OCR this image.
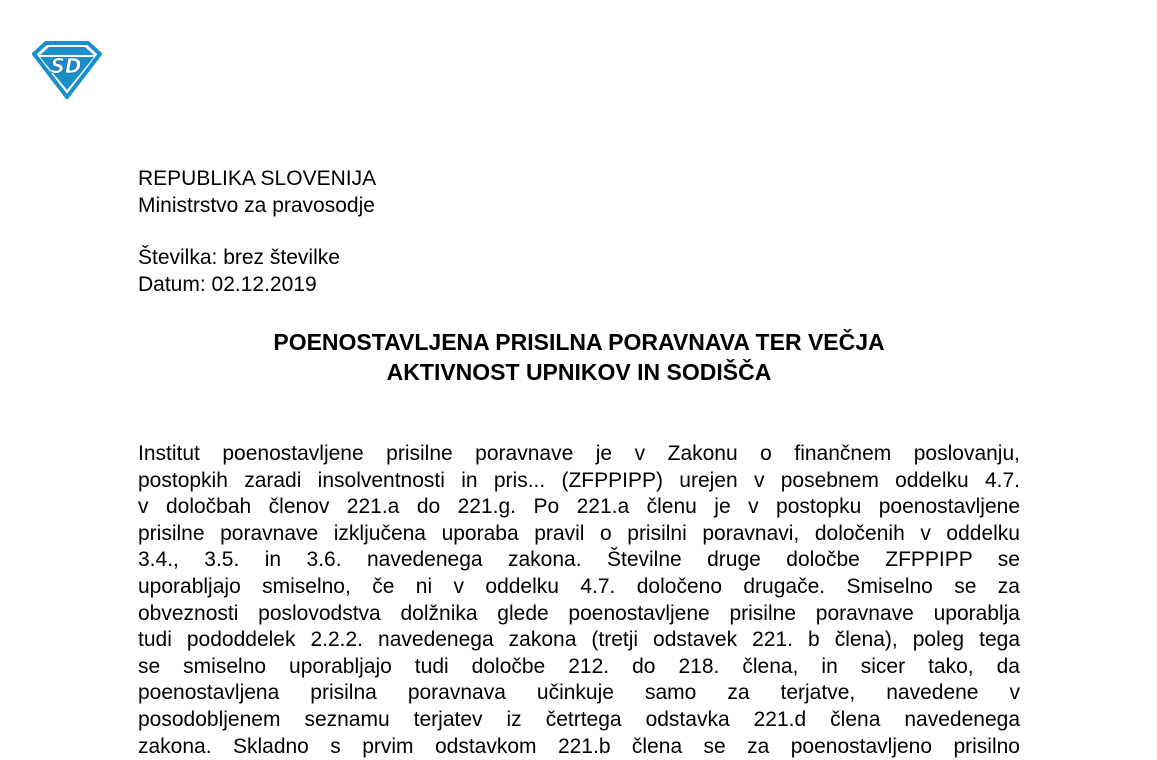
SD
REPUBLIKA SLOVENIJA
Ministrstvo za pravosodje
Številka: brez številke
Datum: 02.12.2019
POENOSTAVLJENA PRISILNA PORAVNAVA TER VEČJA
AKTIVNOST UPNIKOV IN SODIŠČA
Institut poenostavljene prisilne poravnave je v Zakonu o finančnem poslovanju,
postopkih zaradi insolventnosti in pris... (ZFPPIPP) urejen v posebnem oddelku 4.7.
v določbah členov 221.a do 221.g. Po 221.a členu je v postopku poenostavljene
prisilne poravnave izključena uporaba pravil o prisilni poravnavi, določenih v oddelku
3.4., 3.5. in 3.6. navedenega zakona. Številne druge določbe ZFPPIPP se
uporabljajo smiselno, če ni v oddelku 4.7. določeno drugače. Smiselno se za
obveznosti poslovodstva dolžnika glede poenostavljene prisilne poravnave uporablja
tudi pododdelek 2.2.2. navedenega zakona (tretji odstavek 221. b člena), poleg tega
se smiselno uporabljajo tudi določbe 212. do 218. člena, in sicer tako, da
poenostavljena prisilna poravnava učinkuje samo za terjatve, navedene v
posodobljenem seznamu terjatev iz četrtega odstavka 221.d člena navedenega
zakona. Skladno s prvim odstavkom 221.b člena se za poenostavljeno prisilno
